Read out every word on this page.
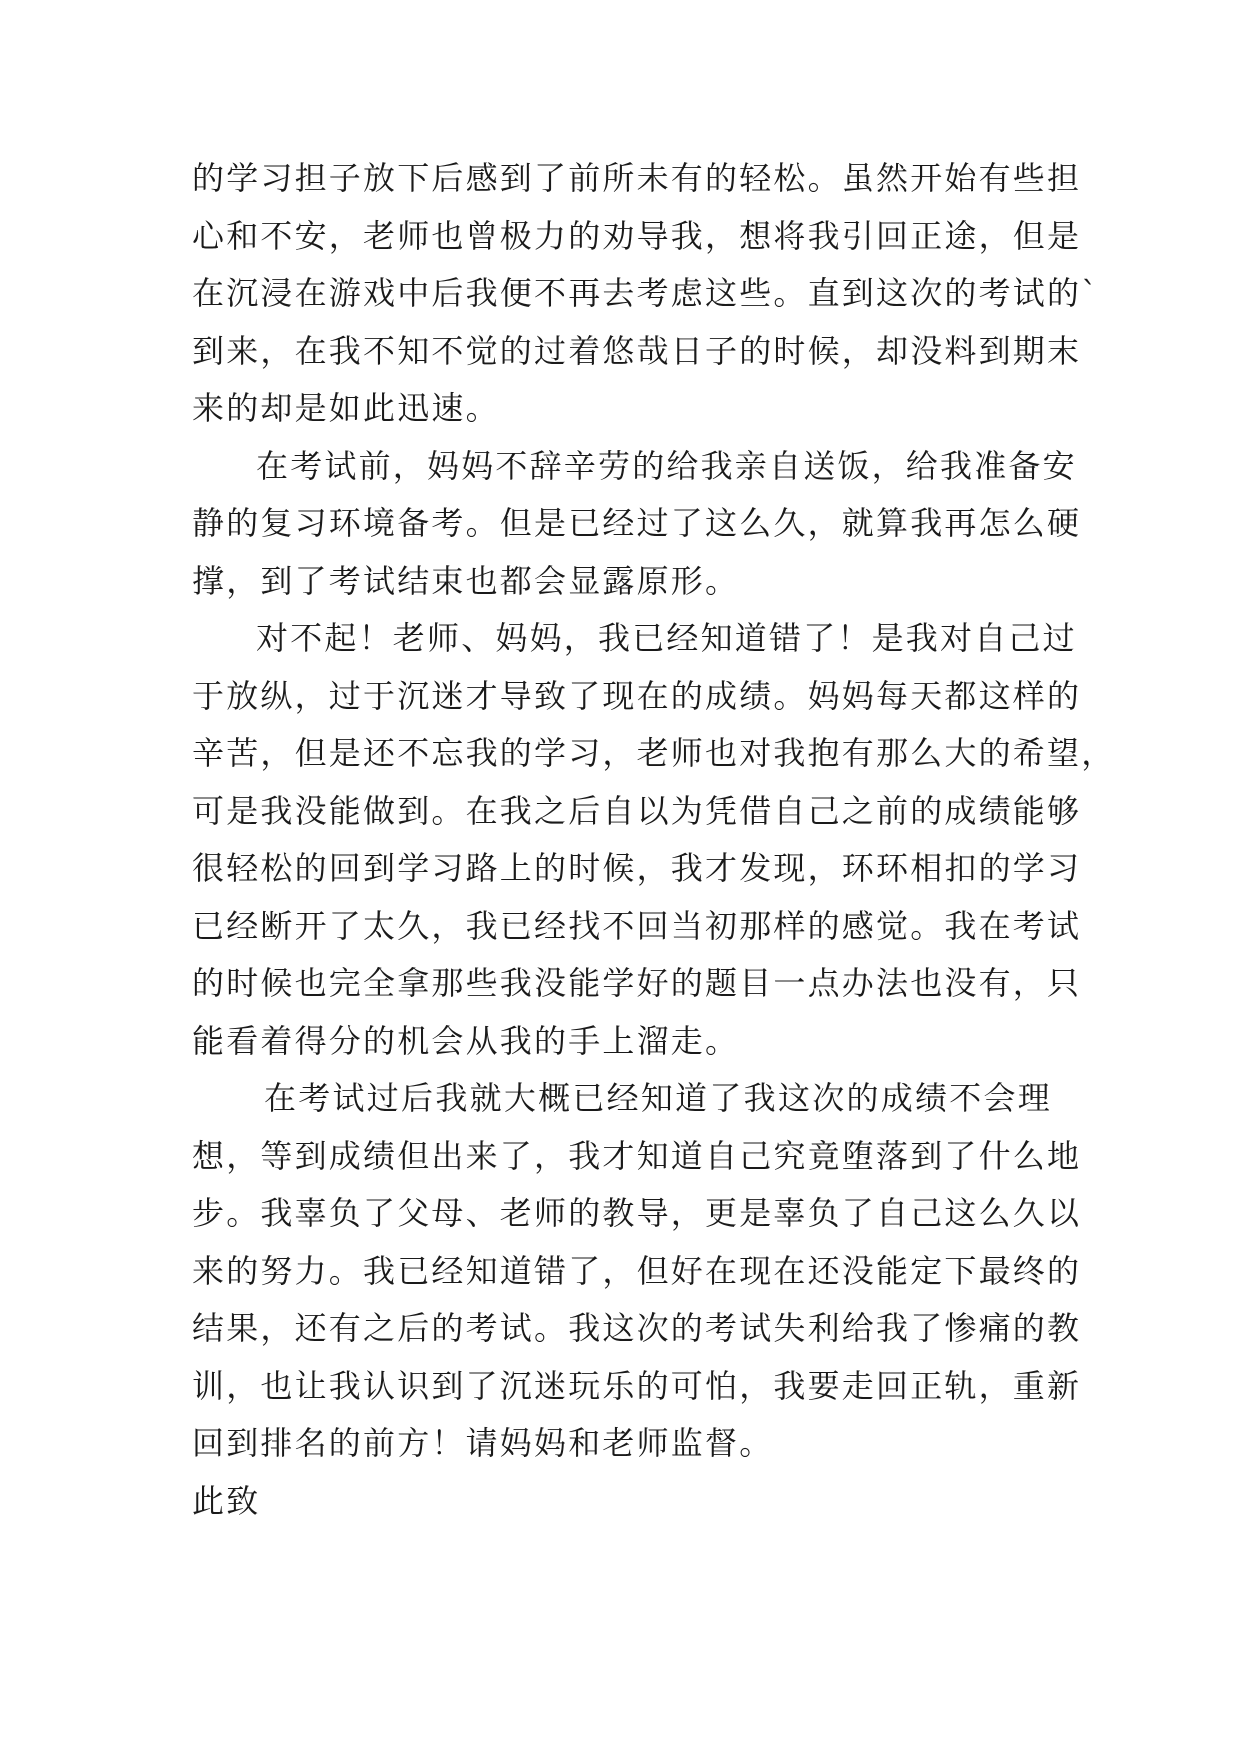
的学习担子放下后感到了前所未有的轻松。虽然开始有些担
心和不安，老师也曾极力的劝导我，想将我引回正途，但是
在沉浸在游戏中后我便不再去考虑这些。直到这次的考试的`
到来，在我不知不觉的过着悠哉日子的时候，却没料到期末
来的却是如此迅速。
在考试前，妈妈不辞辛劳的给我亲自送饭，给我准备安
静的复习环境备考。但是已经过了这么久，就算我再怎么硬
撑，到了考试结束也都会显露原形。
对不起！老师、妈妈，我已经知道错了！是我对自己过
于放纵，过于沉迷才导致了现在的成绩。妈妈每天都这样的
辛苦，但是还不忘我的学习，老师也对我抱有那么大的希望，
可是我没能做到。在我之后自以为凭借自己之前的成绩能够
很轻松的回到学习路上的时候，我才发现，环环相扣的学习
已经断开了太久，我已经找不回当初那样的感觉。我在考试
的时候也完全拿那些我没能学好的题目一点办法也没有，只
能看着得分的机会从我的手上溜走。
在考试过后我就大概已经知道了我这次的成绩不会理
想，等到成绩但出来了，我才知道自己究竟堕落到了什么地
步。我辜负了父母、老师的教导，更是辜负了自己这么久以
来的努力。我已经知道错了，但好在现在还没能定下最终的
结果，还有之后的考试。我这次的考试失利给我了惨痛的教
训，也让我认识到了沉迷玩乐的可怕，我要走回正轨，重新
回到排名的前方！请妈妈和老师监督。
此致
